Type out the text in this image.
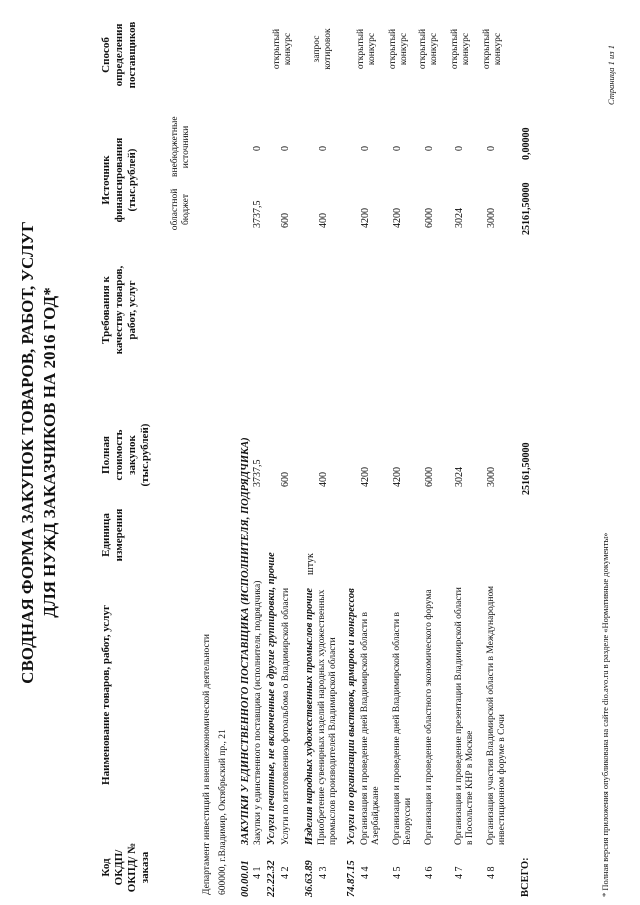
СВОДНАЯ ФОРМА ЗАКУПОК ТОВАРОВ, РАБОТ, УСЛУГ ДЛЯ НУЖД ЗАКАЗЧИКОВ НА 2016 ГОД*
Код ОКДП/ ОКПД/ № заказа
Наименование товаров, работ, услуг
Единица измерения
Полная стоимость закупок (тыс.рублей)
Требования к качеству товаров, работ, услуг
Источник финансирования (тыс.рублей)	областной бюджет
внебюджетные источники
Способ определения поставщиков
Департамент инвестиций и внешнеэкономической деятельности 600000, г.Владимир, Октябрьский пр., 21 00.00.01
ЗАКУПКИ У ЕДИНСТВЕННОГО ПОСТАВЩИКА (ИСПОЛНИТЕЛЯ, ПОДРЯДЧИКА)
4 1
Закупки у единственного поставщика (исполнителя, подрядчика)
3737,5
3737,5
0
22.22.32
Услуги печатные, не включенные в другие группировки, прочие
4 2
Услуги по изготовлению фотоальбома о Владимирской области
600
600
0
открытый конкурс
36.63.89
Изделия народных художественных промыслов прочие
4 3
Приобретение сувенирных изделий народных художественных промыслов производителей Владимирской области
штук
400
400
0
запрос котировок
74.87.15
Услуги по организации выставок, ярмарок и конгрессов
4 4
Организация и проведение дней Владимирской области в Азербайджане
4200
4200
0
открытый конкурс
4 5
Организация и проведение дней Владимирской области в Белоруссии
4200
4200
0
открытый конкурс
4 6
Организация и проведение областного экономического форума
6000
6000
0
открытый конкурс
4 7
Организация и проведение презентации Владимирской области в Посольстве КНР в Москве
3024
3024
0
открытый конкурс
4 8
Организация участия Владимирской области в Международном инвестиционном форуме в Сочи
3000
3000
0
открытый конкурс
ВСЕГО:
25161,50000
25161,50000
0,00000
* Полная версия приложения опубликована на сайте dio.avo.ru в разделе «Нормативные документы»
Страница 1 из 1
